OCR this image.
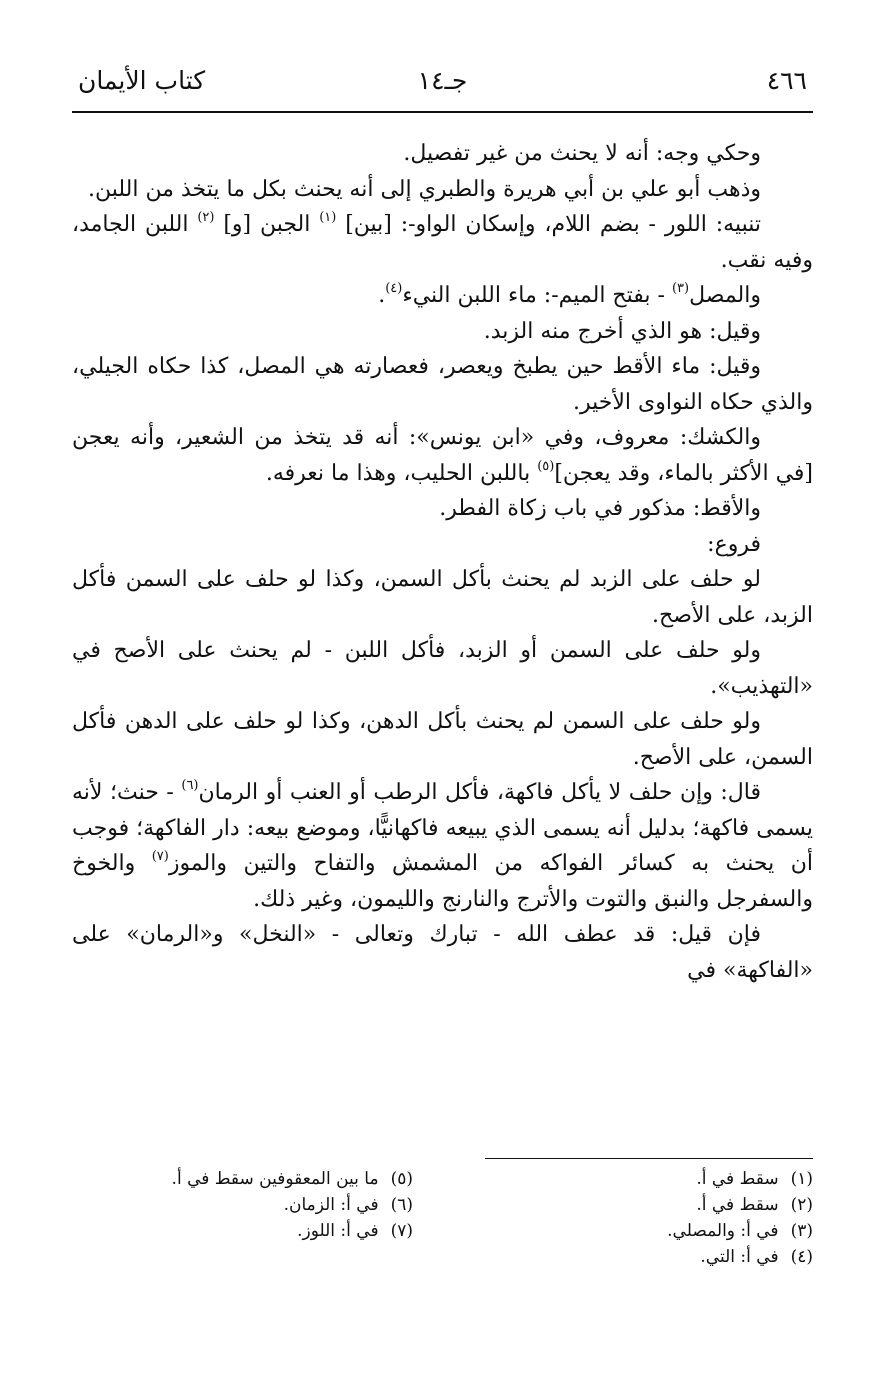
٤٦٦
جـ١٤
كتاب الأيمان

وحكي وجه: أنه لا يحنث من غير تفصيل.

وذهب أبو علي بن أبي هريرة والطبري إلى أنه يحنث بكل ما يتخذ من اللبن.

تنبيه: اللور - بضم اللام، وإسكان الواو-: [بين] $^{(١)}$ الجبن [و] $^{(٢)}$ اللبن الجامد، وفيه نقب.

والمصل$^{(٣)}$ - بفتح الميم-: ماء اللبن النيء$^{(٤)}$.

وقيل: هو الذي أخرج منه الزبد.

وقيل: ماء الأقط حين يطبخ ويعصر، فعصارته هي المصل، كذا حكاه الجيلي، والذي حكاه النواوى الأخير.

والكشك: معروف، وفي «ابن يونس»: أنه قد يتخذ من الشعير، وأنه يعجن [في الأكثر بالماء، وقد يعجن]$^{(٥)}$ باللبن الحليب، وهذا ما نعرفه.

والأقط: مذكور في باب زكاة الفطر.

فروع:

لو حلف على الزبد لم يحنث بأكل السمن، وكذا لو حلف على السمن فأكل الزبد، على الأصح.

ولو حلف على السمن أو الزبد، فأكل اللبن - لم يحنث على الأصح في «التهذيب».

ولو حلف على السمن لم يحنث بأكل الدهن، وكذا لو حلف على الدهن فأكل السمن، على الأصح.

قال: وإن حلف لا يأكل فاكهة، فأكل الرطب أو العنب أو الرمان$^{(٦)}$ - حنث؛ لأنه يسمى فاكهة؛ بدليل أنه يسمى الذي يبيعه فاكهانيًّا، وموضع بيعه: دار الفاكهة؛ فوجب أن يحنث به كسائر الفواكه من المشمش والتفاح والتين والموز$^{(٧)}$ والخوخ والسفرجل والنبق والتوت والأترج والنارنج والليمون، وغير ذلك.

فإن قيل: قد عطف الله - تبارك وتعالى - «النخل» و«الرمان» على «الفاكهة» في

(١)سقط في أ.
(٢)سقط في أ.
(٣)في أ: والمصلي.
(٤)في أ: التي.
(٥)ما بين المعقوفين سقط في أ.
(٦)في أ: الزمان.
(٧)في أ: اللوز.
